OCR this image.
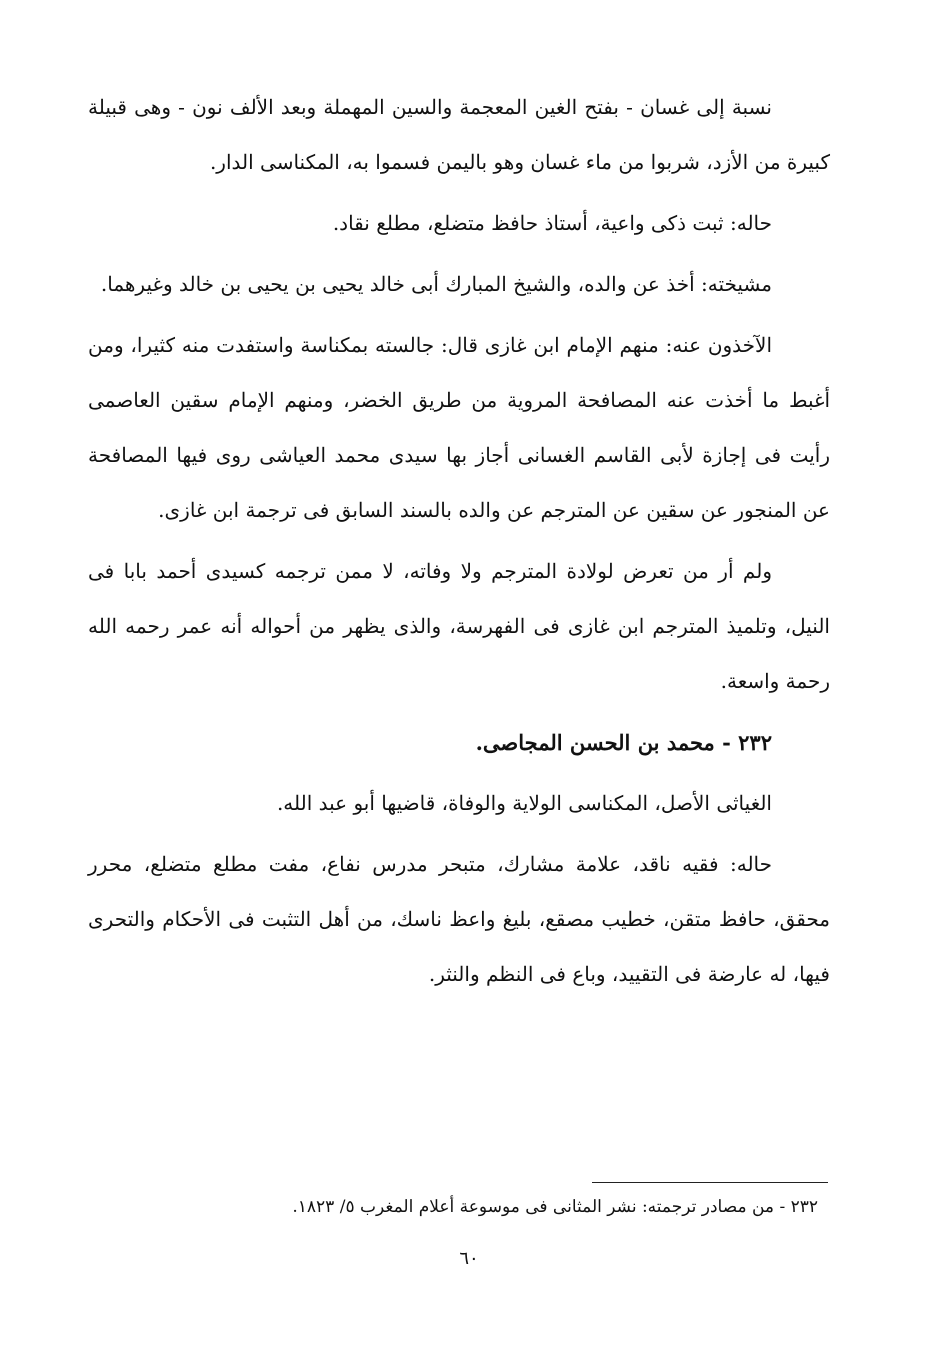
نسبة إلى غسان - بفتح الغين المعجمة والسين المهملة وبعد الألف نون - وهى قبيلة كبيرة من الأزد، شربوا من ماء غسان وهو باليمن فسموا به، المكناسى الدار.

حاله: ثبت ذكى واعية، أستاذ حافظ متضلع، مطلع نقاد.

مشيخته: أخذ عن والده، والشيخ المبارك أبى خالد يحيى بن يحيى بن خالد وغيرهما.

الآخذون عنه: منهم الإمام ابن غازى قال: جالسته بمكناسة واستفدت منه كثيرا، ومن أغبط ما أخذت عنه المصافحة المروية من طريق الخضر، ومنهم الإمام سقين العاصمى رأيت فى إجازة لأبى القاسم الغسانى أجاز بها سيدى محمد العياشى روى فيها المصافحة عن المنجور عن سقين عن المترجم عن والده بالسند السابق فى ترجمة ابن غازى.

ولم أر من تعرض لولادة المترجم ولا وفاته، لا ممن ترجمه كسيدى أحمد بابا فى النيل، وتلميذ المترجم ابن غازى فى الفهرسة، والذى يظهر من أحواله أنه عمر رحمه الله رحمة واسعة.

٢٣٢ - محمد بن الحسن المجاصى.

الغياثى الأصل، المكناسى الولاية والوفاة، قاضيها أبو عبد الله.

حاله: فقيه ناقد، علامة مشارك، متبحر مدرس نفاع، مفت مطلع متضلع، محرر محقق، حافظ متقن، خطيب مصقع، بليغ واعظ ناسك، من أهل التثبت فى الأحكام والتحرى فيها، له عارضة فى التقييد، وباع فى النظم والنثر.

٢٣٢ - من مصادر ترجمته: نشر المثانى فى موسوعة أعلام المغرب ٥/ ١٨٢٣.
٦٠
